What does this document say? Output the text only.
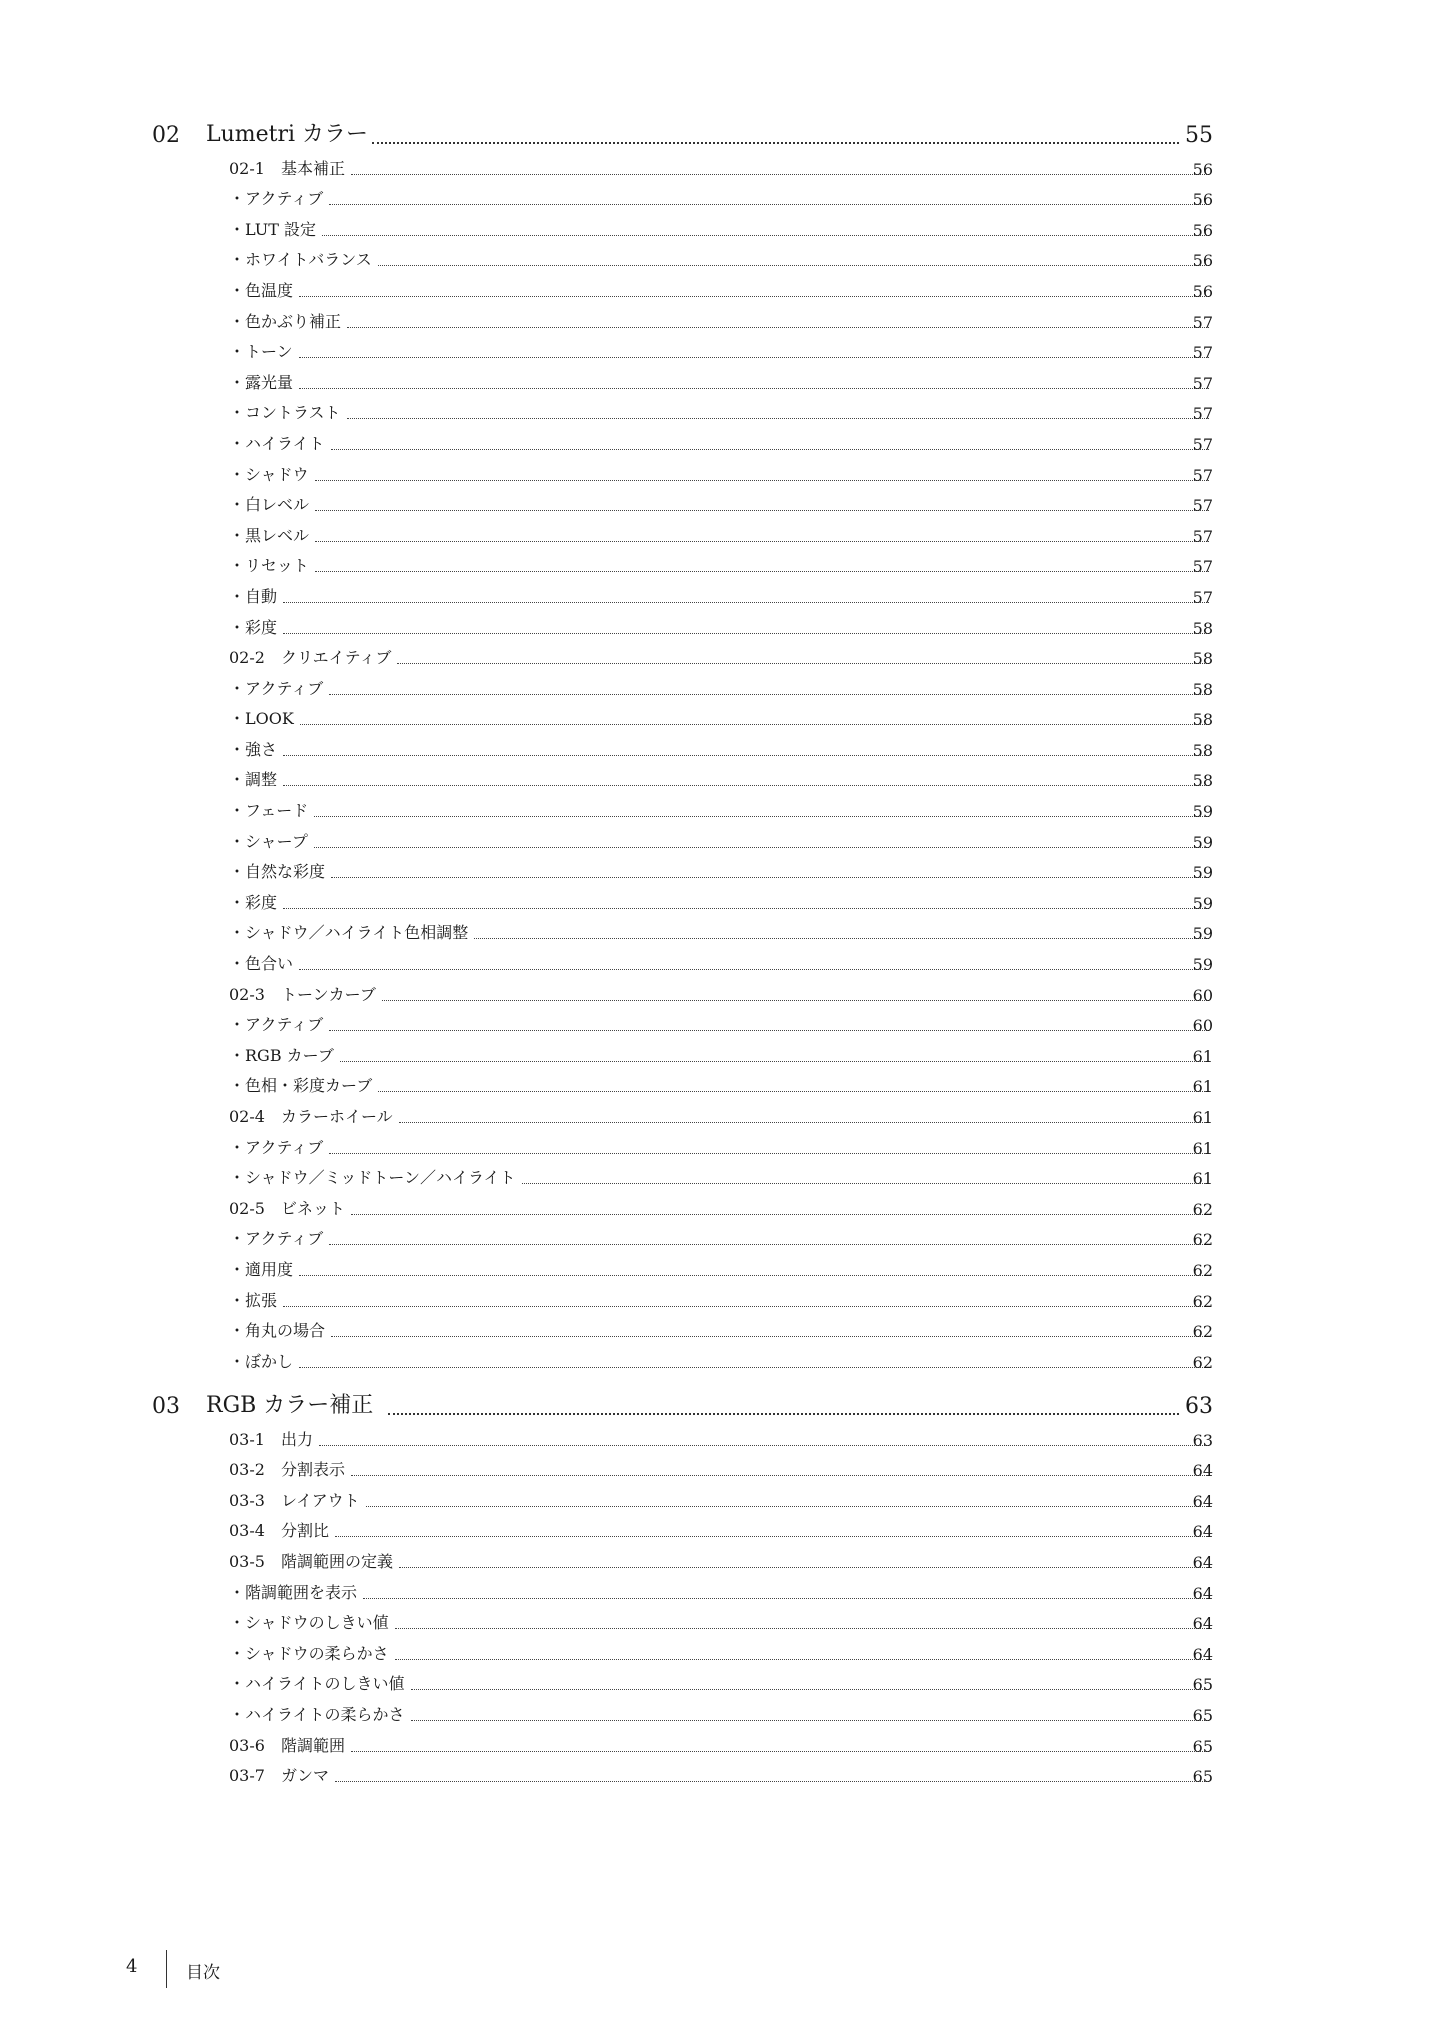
02 Lumetri カラー	55
02-1　基本補正	56
・アクティブ	56
・LUT 設定	56
・ホワイトバランス	56
・色温度	56
・色かぶり補正	57
・トーン	57
・露光量	57
・コントラスト	57
・ハイライト	57
・シャドウ	57
・白レベル	57
・黒レベル	57
・リセット	57
・自動	57
・彩度	58
02-2　クリエイティブ	58
・アクティブ	58
・LOOK	58
・強さ	58
・調整	58
・フェード	59
・シャープ	59
・自然な彩度	59
・彩度	59
・シャドウ／ハイライト色相調整	59
・色合い	59
02-3　トーンカーブ	60
・アクティブ	60
・RGB カーブ	61
・色相・彩度カーブ	61
02-4　カラーホイール	61
・アクティブ	61
・シャドウ／ミッドトーン／ハイライト	61
02-5　ビネット	62
・アクティブ	62
・適用度	62
・拡張	62
・角丸の場合	62
・ぼかし	62
03 RGB カラー補正	63
03-1　出力	63
03-2　分割表示	64
03-3　レイアウト	64
03-4　分割比	64
03-5　階調範囲の定義	64
・階調範囲を表示	64
・シャドウのしきい値	64
・シャドウの柔らかさ	64
・ハイライトのしきい値	65
・ハイライトの柔らかさ	65
03-6　階調範囲	65
03-7　ガンマ	65
4	目次
